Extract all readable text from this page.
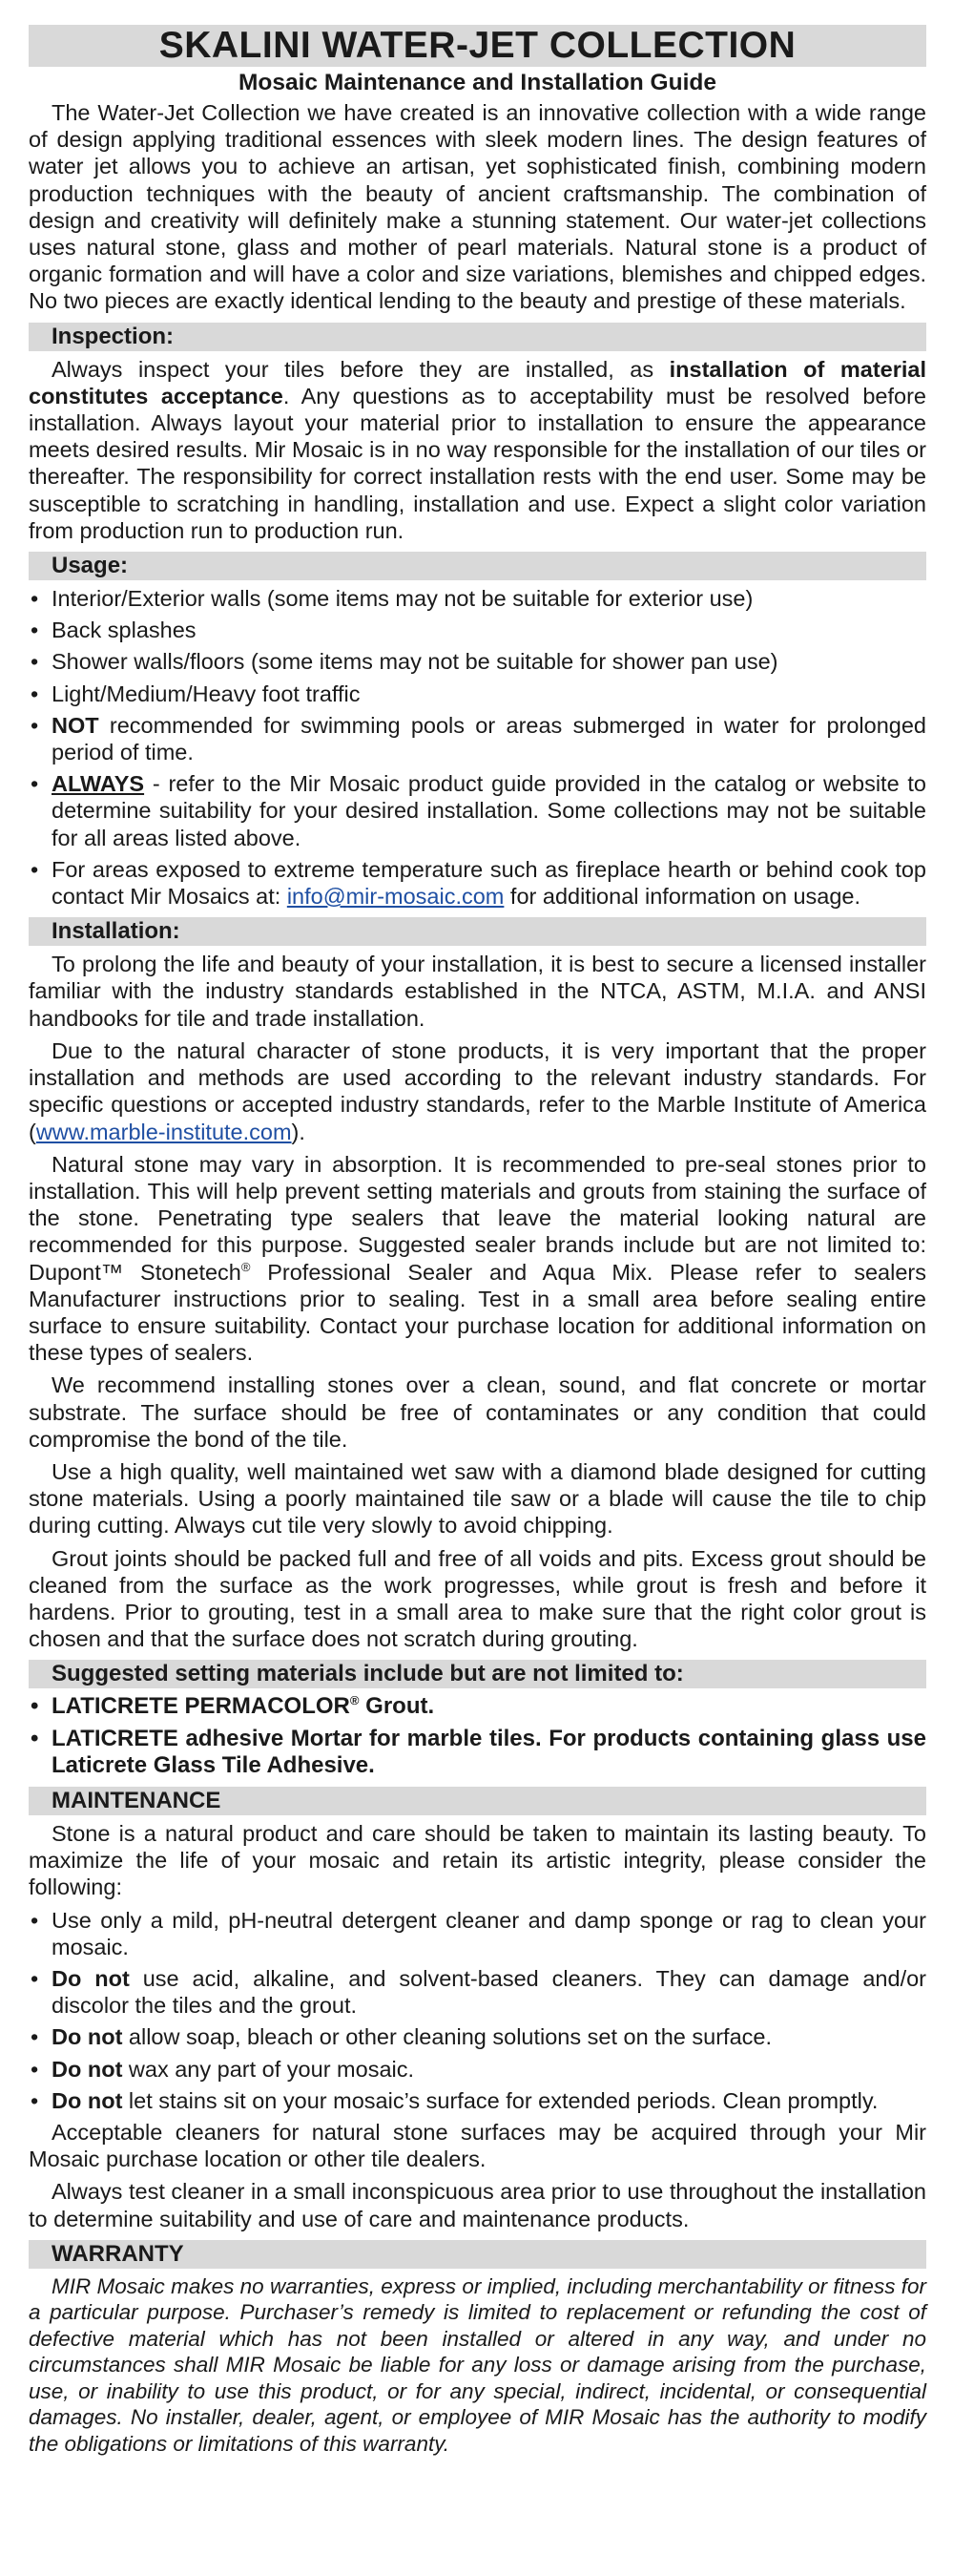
SKALINI WATER-JET COLLECTION
Mosaic Maintenance and Installation Guide

The Water-Jet Collection we have created is an innovative collection with a wide range of design applying traditional essences with sleek modern lines. The design features of water jet allows you to achieve an artisan, yet sophisticated finish, combining modern production techniques with the beauty of ancient craftsmanship. The combination of design and creativity will definitely make a stunning statement. Our water-jet collections uses natural stone, glass and mother of pearl materials. Natural stone is a product of organic formation and will have a color and size variations, blemishes and chipped edges. No two pieces are exactly identical lending to the beauty and prestige of these materials.

Inspection:

Always inspect your tiles before they are installed, as installation of material constitutes acceptance. Any questions as to acceptability must be resolved before installation. Always layout your material prior to installation to ensure the appearance meets desired results. Mir Mosaic is in no way responsible for the installation of our tiles or thereafter. The responsibility for correct installation rests with the end user. Some may be susceptible to scratching in handling, installation and use. Expect a slight color variation from production run to production run.

Usage:
• Interior/Exterior walls (some items may not be suitable for exterior use)
• Back splashes
• Shower walls/floors (some items may not be suitable for shower pan use)
• Light/Medium/Heavy foot traffic
• NOT recommended for swimming pools or areas submerged in water for prolonged period of time.
• ALWAYS - refer to the Mir Mosaic product guide provided in the catalog or website to determine suitability for your desired installation. Some collections may not be suitable for all areas listed above.
• For areas exposed to extreme temperature such as fireplace hearth or behind cook top contact Mir Mosaics at: info@mir-mosaic.com for additional information on usage.
Installation:

To prolong the life and beauty of your installation, it is best to secure a licensed installer familiar with the industry standards established in the NTCA, ASTM, M.I.A. and ANSI handbooks for tile and trade installation.

Due to the natural character of stone products, it is very important that the proper installation and methods are used according to the relevant industry standards. For specific questions or accepted industry standards, refer to the Marble Institute of America (www.marble-institute.com).

Natural stone may vary in absorption. It is recommended to pre-seal stones prior to installation. This will help prevent setting materials and grouts from staining the surface of the stone. Penetrating type sealers that leave the material looking natural are recommended for this purpose. Suggested sealer brands include but are not limited to: Dupont™ Stonetech® Professional Sealer and Aqua Mix. Please refer to sealers Manufacturer instructions prior to sealing. Test in a small area before sealing entire surface to ensure suitability. Contact your purchase location for additional information on these types of sealers.

We recommend installing stones over a clean, sound, and flat concrete or mortar substrate. The surface should be free of contaminates or any condition that could compromise the bond of the tile.

Use a high quality, well maintained wet saw with a diamond blade designed for cutting stone materials. Using a poorly maintained tile saw or a blade will cause the tile to chip during cutting. Always cut tile very slowly to avoid chipping.

Grout joints should be packed full and free of all voids and pits. Excess grout should be cleaned from the surface as the work progresses, while grout is fresh and before it hardens. Prior to grouting, test in a small area to make sure that the right color grout is chosen and that the surface does not scratch during grouting.

Suggested setting materials include but are not limited to:
• LATICRETE PERMACOLOR® Grout.
• LATICRETE adhesive Mortar for marble tiles. For products containing glass use Laticrete Glass Tile Adhesive.
MAINTENANCE

Stone is a natural product and care should be taken to maintain its lasting beauty. To maximize the life of your mosaic and retain its artistic integrity, please consider the following:

• Use only a mild, pH-neutral detergent cleaner and damp sponge or rag to clean your mosaic.
• Do not use acid, alkaline, and solvent-based cleaners. They can damage and/or discolor the tiles and the grout.
• Do not allow soap, bleach or other cleaning solutions set on the surface.
• Do not wax any part of your mosaic.
• Do not let stains sit on your mosaic’s surface for extended periods. Clean promptly.

Acceptable cleaners for natural stone surfaces may be acquired through your Mir Mosaic purchase location or other tile dealers.

Always test cleaner in a small inconspicuous area prior to use throughout the installation to determine suitability and use of care and maintenance products.

WARRANTY

MIR Mosaic makes no warranties, express or implied, including merchantability or fitness for a particular purpose. Purchaser’s remedy is limited to replacement or refunding the cost of defective material which has not been installed or altered in any way, and under no circumstances shall MIR Mosaic be liable for any loss or damage arising from the purchase, use, or inability to use this product, or for any special, indirect, incidental, or consequential damages. No installer, dealer, agent, or employee of MIR Mosaic has the authority to modify the obligations or limitations of this warranty.
